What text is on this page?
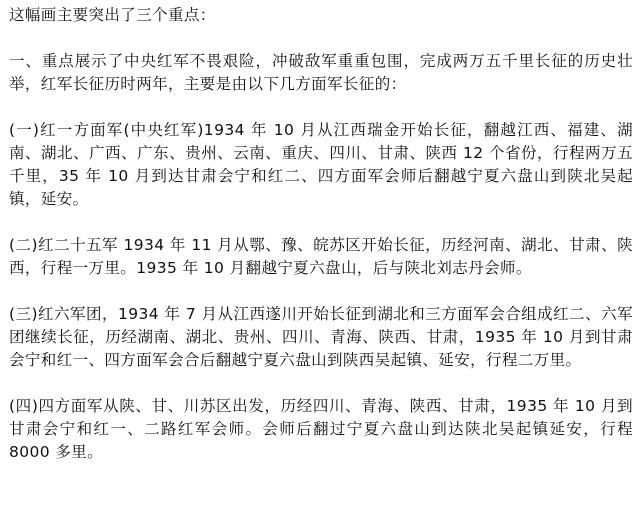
这幅画主要突出了三个重点：

一、重点展示了中央红军不畏艰险，冲破敌军重重包围，完成两万五千里长征的历史壮举，红军长征历时两年，主要是由以下几方面军长征的：

(一)红一方面军(中央红军)1934 年 10 月从江西瑞金开始长征，翻越江西、福建、湖南、湖北、广西、广东、贵州、云南、重庆、四川、甘肃、陕西 12 个省份，行程两万五千里，35 年 10 月到达甘肃会宁和红二、四方面军会师后翻越宁夏六盘山到陕北吴起镇，延安。

(二)红二十五军 1934 年 11 月从鄂、豫、皖苏区开始长征，历经河南、湖北、甘肃、陕西，行程一万里。1935 年 10 月翻越宁夏六盘山，后与陕北刘志丹会师。

(三)红六军团，1934 年 7 月从江西遂川开始长征到湖北和三方面军会合组成红二、六军团继续长征，历经湖南、湖北、贵州、四川、青海、陕西、甘肃，1935 年 10 月到甘肃会宁和红一、四方面军会合后翻越宁夏六盘山到陕西吴起镇、延安，行程二万里。

(四)四方面军从陕、甘、川苏区出发，历经四川、青海、陕西、甘肃，1935 年 10 月到甘肃会宁和红一、二路红军会师。会师后翻过宁夏六盘山到达陕北吴起镇延安，行程 8000 多里。
